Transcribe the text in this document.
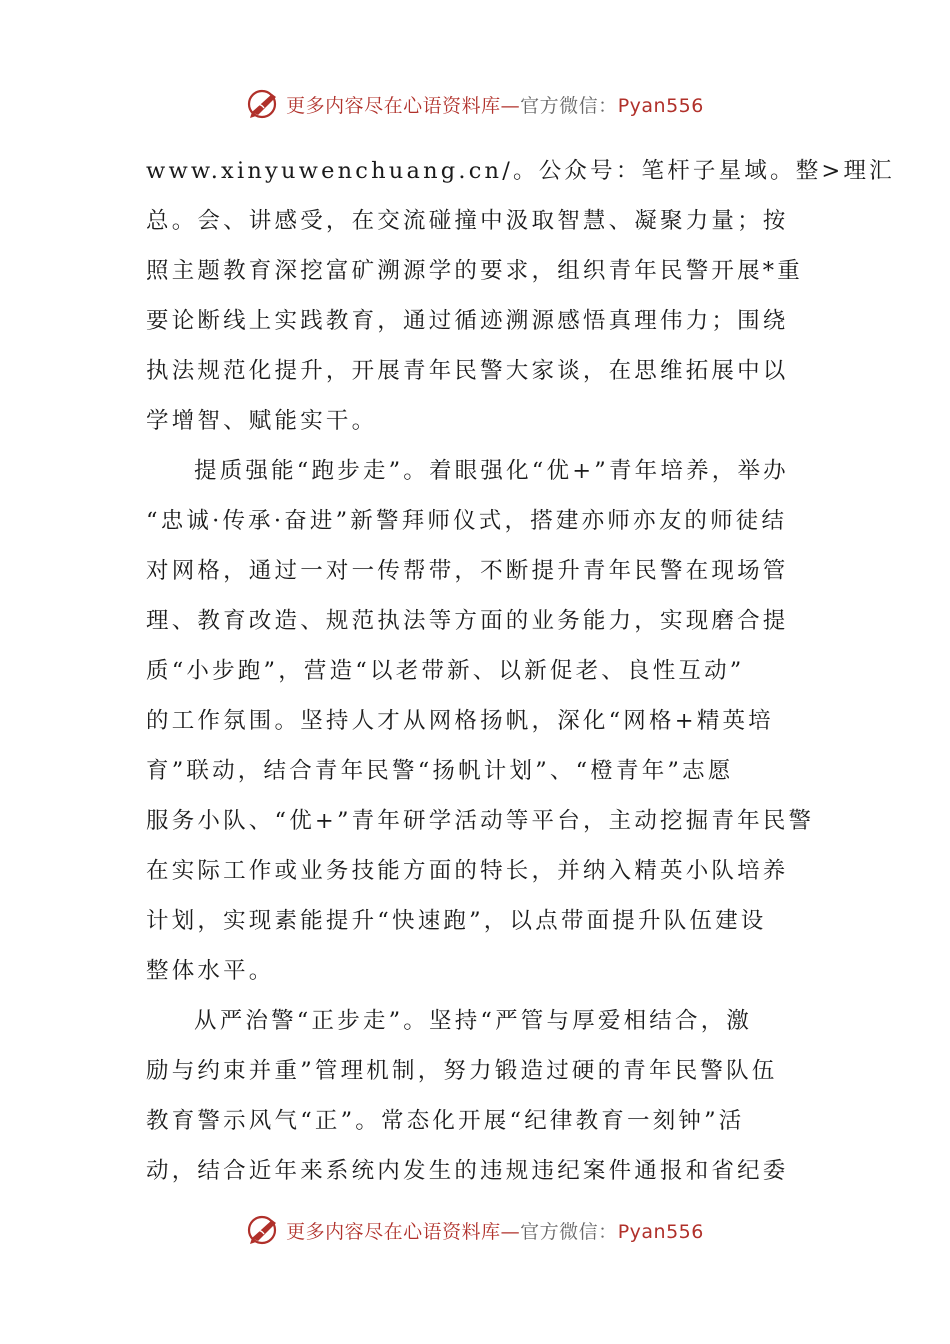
更多内容尽在心语资料库—官方微信：Pyan556
www.xinyuwenchuang.cn/。公众号：笔杆子星域。整>理汇
总。会、讲感受，在交流碰撞中汲取智慧、凝聚力量；按
照主题教育深挖富矿溯源学的要求，组织青年民警开展*重
要论断线上实践教育，通过循迹溯源感悟真理伟力；围绕
执法规范化提升，开展青年民警大家谈，在思维拓展中以
学增智、赋能实干。
提质强能“跑步走”。着眼强化“优+”青年培养，举办
“忠诚·传承·奋进”新警拜师仪式，搭建亦师亦友的师徒结
对网格，通过一对一传帮带，不断提升青年民警在现场管
理、教育改造、规范执法等方面的业务能力，实现磨合提
质“小步跑”，营造“以老带新、以新促老、良性互动”
的工作氛围。坚持人才从网格扬帆，深化“网格+精英培
育”联动，结合青年民警“扬帆计划”、“橙青年”志愿
服务小队、“优+”青年研学活动等平台，主动挖掘青年民警
在实际工作或业务技能方面的特长，并纳入精英小队培养
计划，实现素能提升“快速跑”，以点带面提升队伍建设
整体水平。
从严治警“正步走”。坚持“严管与厚爱相结合，激
励与约束并重”管理机制，努力锻造过硬的青年民警队伍
教育警示风气“正”。常态化开展“纪律教育一刻钟”活
动，结合近年来系统内发生的违规违纪案件通报和省纪委
更多内容尽在心语资料库—官方微信：Pyan556
